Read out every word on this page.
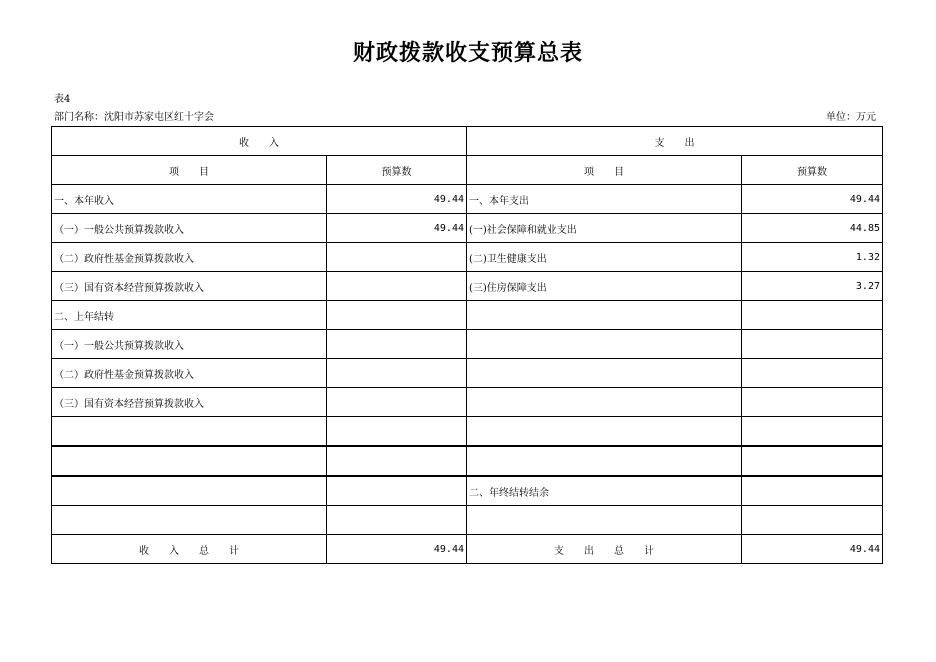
财政拨款收支预算总表
表4
部门名称：沈阳市苏家屯区红十字会	单位：万元
收　　入		支　　出	
项　　目	预算数	项　　目	预算数
一、本年收入	49.44	一、本年支出	49.44
（一）一般公共预算拨款收入	49.44	(一)社会保障和就业支出	44.85
（二）政府性基金预算拨款收入		(二)卫生健康支出	1.32
（三）国有资本经营预算拨款收入		(三)住房保障支出	3.27
二、上年结转			
（一）一般公共预算拨款收入			
（二）政府性基金预算拨款收入			
（三）国有资本经营预算拨款收入			

		二、年终结转结余	

收　　入　　总　　计	49.44	支　　出　　总　　计	49.44
